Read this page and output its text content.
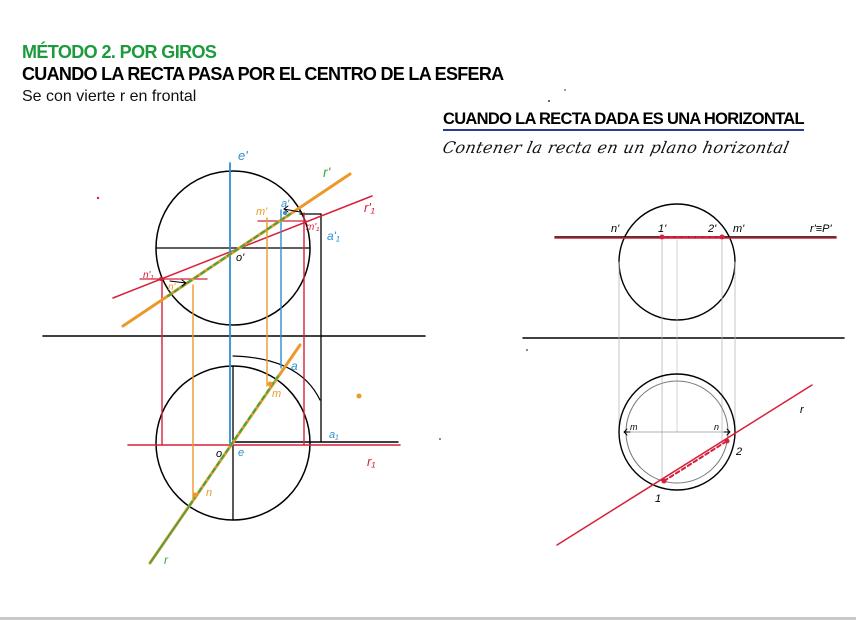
MÉTODO 2. POR GIROS
CUANDO LA RECTA PASA POR EL CENTRO DE LA ESFERA
Se con vierte r en frontal
CUANDO LA RECTA DADA ES UNA HORIZONTAL
Contener la recta en un plano horizontal
e'
r'
r'₁
a'
m'
m'₁
a'₁
o'
n'₁
n'
a
m
a₁
o e
r₁
n
r
n'	1'	2' m'	r'≡P'
r
m	n
2
1
